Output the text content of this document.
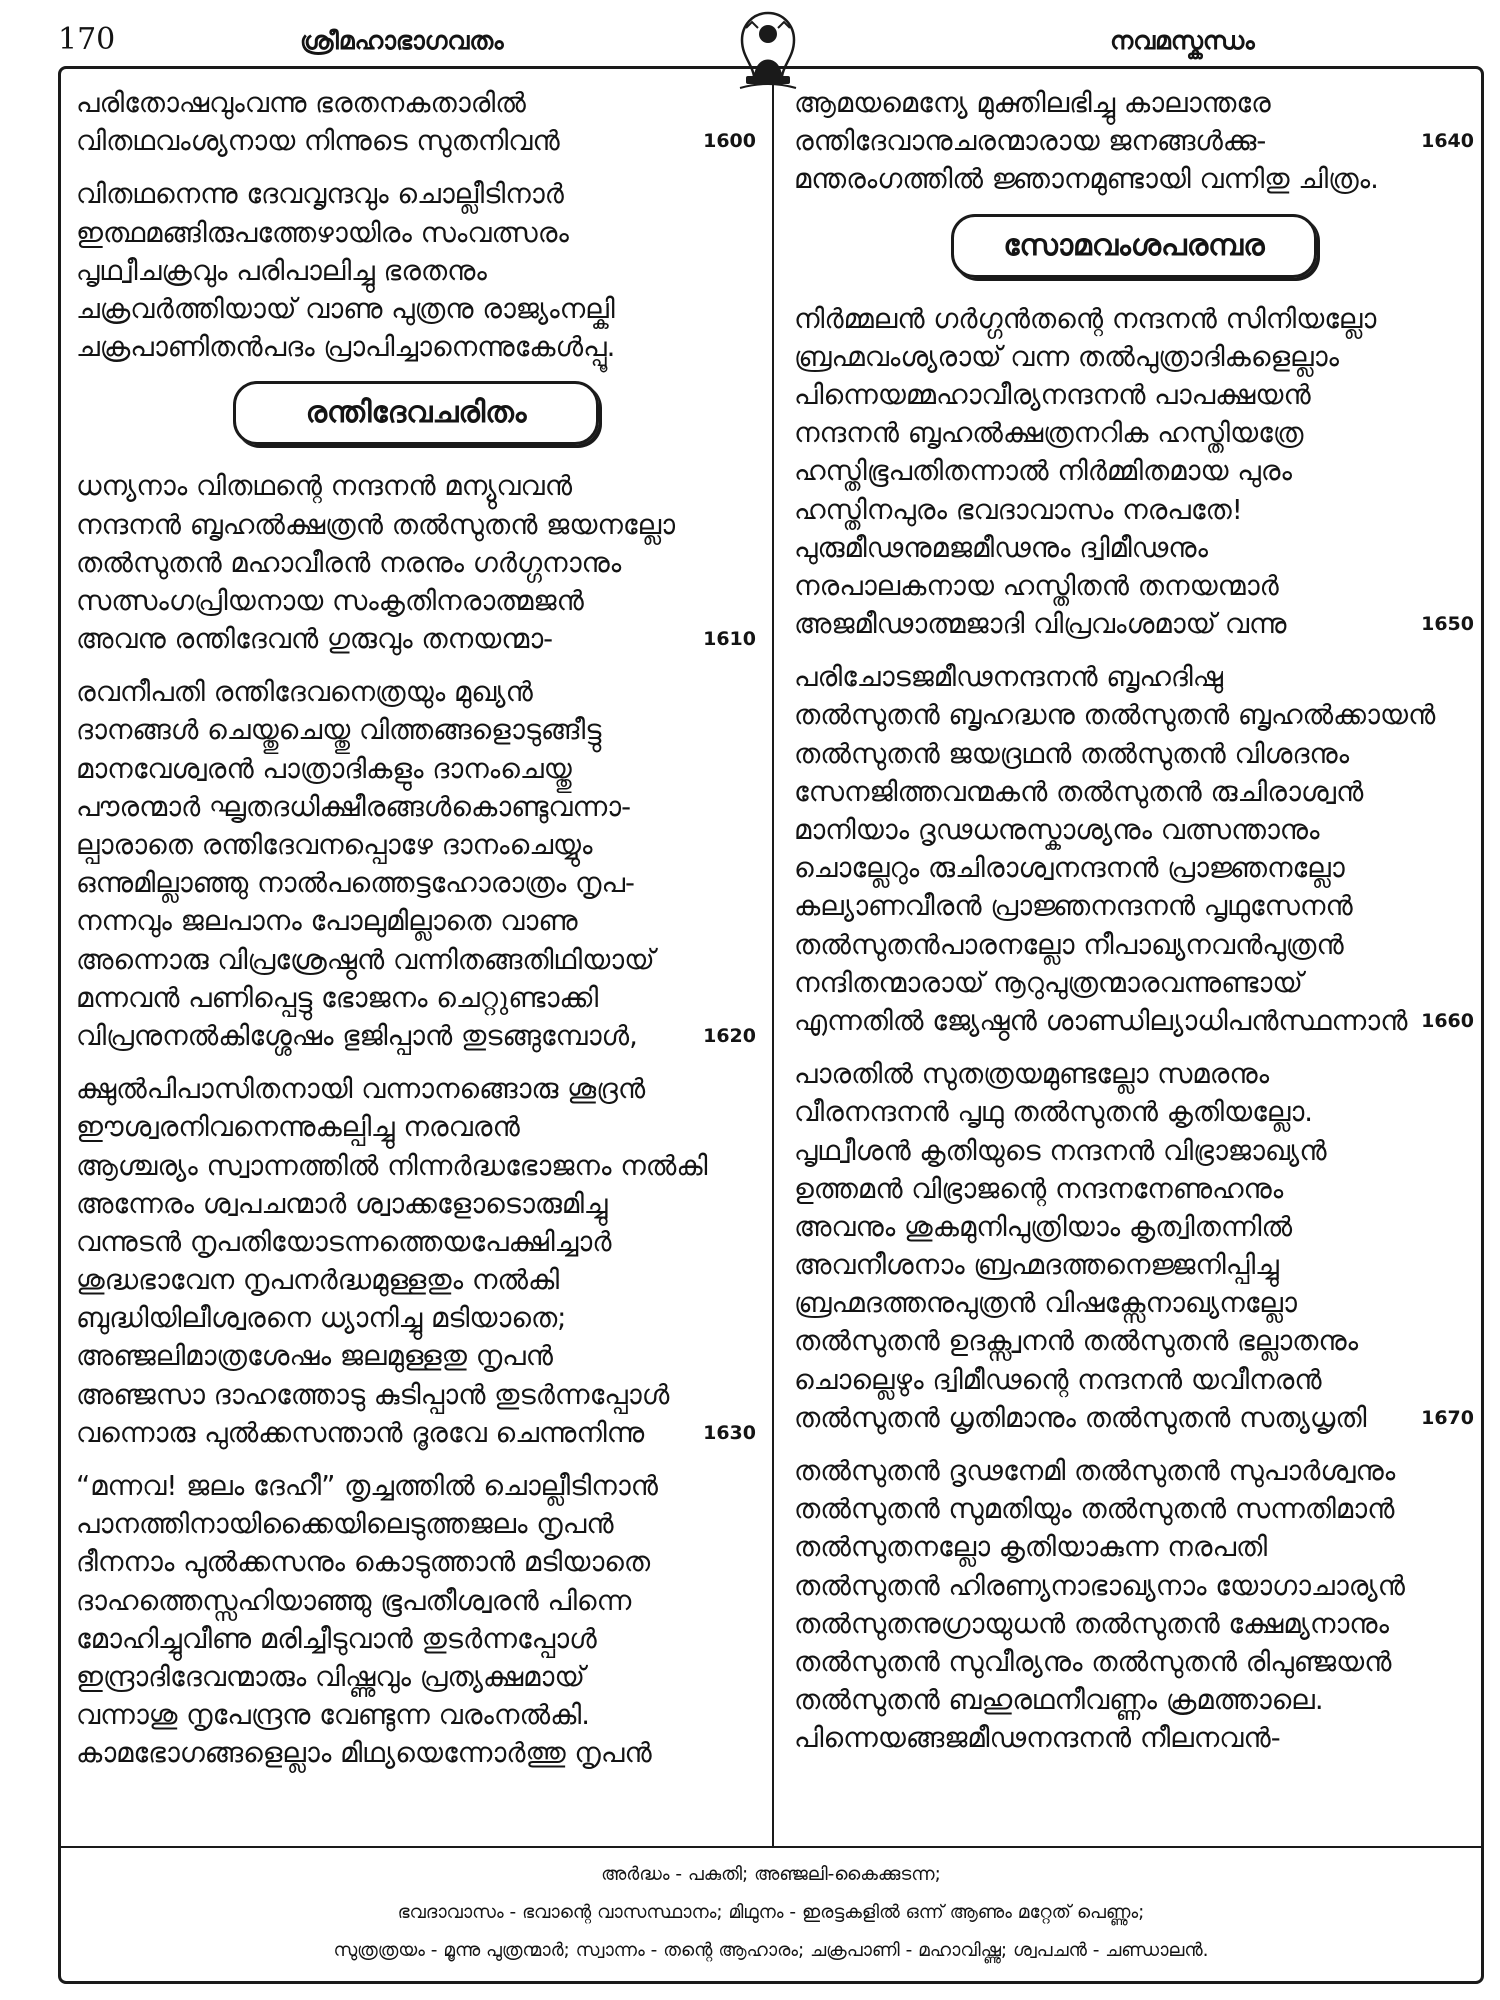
170	ശ്രീമഹാഭാഗവതം	നവമസ്കന്ധം
പരിതോഷവുംവന്നു ഭരതനകതാരിൽ
വിതഥവംശ്യനായ നിന്നുടെ സുതനിവൻ	1600
വിതഥനെന്നു ദേവവൃന്ദവും ചൊല്ലീടിനാർ
ഇത്ഥമങ്ങിരുപത്തേഴായിരം സംവത്സരം
പൃഥ്വീചക്രവും പരിപാലിച്ചു ഭരതനും
ചക്രവർത്തിയായ് വാണു പുത്രനു രാജ്യംനല്കി
ചക്രപാണിതൻപദം പ്രാപിച്ചാനെന്നുകേൾപ്പൂ.
രന്തിദേവചരിതം
ധന്യനാം വിതഥന്റെ നന്ദനൻ മന്യുവവൻ
നന്ദനൻ ബൃഹൽക്ഷത്രൻ തൽസുതൻ ജയനല്ലോ
തൽസുതൻ മഹാവീരൻ നരനും ഗർഗ്ഗനാനും
സത്സംഗപ്രിയനായ സംകൃതിനരാത്മജൻ
അവനു രന്തിദേവൻ ഗുരുവും തനയന്മാ-	1610
രവനീപതി രന്തിദേവനെത്രയും മുഖ്യൻ
ദാനങ്ങൾ ചെയ്തുചെയ്തു വിത്തങ്ങളൊടുങ്ങീട്ടു
മാനവേശ്വരൻ പാത്രാദികളും ദാനംചെയ്തു
പൗരന്മാർ ഘൃതദധിക്ഷീരങ്ങൾകൊണ്ടുവന്നാ-
ല്പാരാതെ രന്തിദേവനപ്പൊഴേ ദാനംചെയ്യും
ഒന്നുമില്ലാഞ്ഞു നാൽപത്തെട്ടഹോരാത്രം നൃപ-
നന്നവും ജലപാനം പോലുമില്ലാതെ വാണു
അന്നൊരു വിപ്രശ്രേഷ്ഠൻ വന്നിതങ്ങതിഥിയായ്
മന്നവൻ പണിപ്പെട്ടു ഭോജനം ചെറ്റുണ്ടാക്കി
വിപ്രനുനൽകിശ്ശേഷം ഭുജിപ്പാൻ തുടങ്ങുമ്പോൾ,	1620
ക്ഷുൽപിപാസിതനായി വന്നാനങ്ങൊരു ശൂദ്രൻ
ഈശ്വരനിവനെന്നുകല്പിച്ചു നരവരൻ
ആശ്ചര്യം സ്വാന്നത്തിൽ നിന്നർദ്ധഭോജനം നൽകി
അന്നേരം ശ്വപചന്മാർ ശ്വാക്കളോടൊരുമിച്ചു
വന്നുടൻ നൃപതിയോടന്നത്തെയപേക്ഷിച്ചാർ
ശുദ്ധഭാവേന നൃപനർദ്ധമുള്ളതും നൽകി
ബുദ്ധിയിലീശ്വരനെ ധ്യാനിച്ചു മടിയാതെ;
അഞ്ജലിമാത്രശേഷം ജലമുള്ളതു നൃപൻ
അഞ്ജസാ ദാഹത്തോടു കുടിപ്പാൻ തുടർന്നപ്പോൾ
വന്നൊരു പുൽക്കസന്താൻ ദൂരവേ ചെന്നുനിന്നു	1630
“മന്നവ! ജലം ദേഹീ” തൃച്ചത്തിൽ ചൊല്ലീടിനാൻ
പാനത്തിനായിക്കൈയിലെടുത്തജലം നൃപൻ
ദീനനാം പുൽക്കസനും കൊടുത്താൻ മടിയാതെ
ദാഹത്തെസ്സഹിയാഞ്ഞു ഭൂപതീശ്വരൻ പിന്നെ
മോഹിച്ചുവീണു മരിച്ചീടുവാൻ തുടർന്നപ്പോൾ
ഇന്ദ്രാദിദേവന്മാരും വിഷ്ണുവും പ്രത്യക്ഷമായ്
വന്നാശു നൃപേന്ദ്രനു വേണ്ടുന്ന വരംനൽകി.
കാമഭോഗങ്ങളെല്ലാം മിഥ്യയെന്നോർത്തു നൃപൻ
ആമയമെന്യേ മുക്തിലഭിച്ചു കാലാന്തരേ
രന്തിദേവാനുചരന്മാരായ ജനങ്ങൾക്കു-	1640
മന്തരംഗത്തിൽ ജ്ഞാനമുണ്ടായി വന്നിതു ചിത്രം.
സോമവംശപരമ്പര
നിർമ്മലൻ ഗർഗ്ഗൻതന്റെ നന്ദനൻ സിനിയല്ലോ
ബ്രഹ്മവംശ്യരായ് വന്ന തൽപുത്രാദികളെല്ലാം
പിന്നെയമ്മഹാവീര്യനന്ദനൻ പാപക്ഷയൻ
നന്ദനൻ ബൃഹൽക്ഷത്രനറിക ഹസ്തിയത്രേ
ഹസ്തിഭൂപതിതന്നാൽ നിർമ്മിതമായ പുരം
ഹസ്തിനപുരം ഭവദാവാസം നരപതേ!
പുരുമീഢനുമജമീഢനും ദ്വിമീഢനും
നരപാലകനായ ഹസ്തിതൻ തനയന്മാർ
അജമീഢാത്മജാദി വിപ്രവംശമായ് വന്നു	1650
പരിചോടജമീഢനന്ദനൻ ബൃഹദിഷു
തൽസുതൻ ബൃഹദ്ധനു തൽസുതൻ ബൃഹൽക്കായൻ
തൽസുതൻ ജയദ്രഥൻ തൽസുതൻ വിശദനും
സേനജിത്തവന്മകൻ തൽസുതൻ രുചിരാശ്വൻ
മാനിയാം ദൃഢധനുസ്കാശ്യനും വത്സന്താനും
ചൊല്ലേറും രുചിരാശ്വനന്ദനൻ പ്രാജ്ഞനല്ലോ
കല്യാണവീരൻ പ്രാജ്ഞനന്ദനൻ പൃഥുസേനൻ
തൽസുതൻപാരനല്ലോ നീപാഖ്യനവൻപുത്രൻ
നന്ദിതന്മാരായ് നൂറുപുത്രന്മാരവന്നുണ്ടായ്
എന്നതിൽ ജ്യേഷ്ഠൻ ശാണ്ഡില്യാധിപൻസ്ഥന്നാൻ 1660
പാരതിൽ സുതത്രയമുണ്ടല്ലോ സമരനും
വീരനന്ദനൻ പൃഥു തൽസുതൻ കൃതിയല്ലോ.
പൃഥ്വീശൻ കൃതിയുടെ നന്ദനൻ വിഭ്രാജാഖ്യൻ
ഉത്തമൻ വിഭ്രാജന്റെ നന്ദനനേണുഹനും
അവനും ശുകമുനിപുത്രിയാം കൃത്വിതന്നിൽ
അവനീശനാം ബ്രഹ്മദത്തനെജ്ജനിപ്പിച്ചു
ബ്രഹ്മദത്തനുപുത്രൻ വിഷക്സേനാഖ്യനല്ലോ
തൽസുതൻ ഉദക്സ്വനൻ തൽസുതൻ ഭല്ലാതനും
ചൊല്ലെഴും ദ്വിമീഢന്റെ നന്ദനൻ യവീനരൻ
തൽസുതൻ ധൃതിമാനും തൽസുതൻ സത്യധൃതി	1670
തൽസുതൻ ദൃഢനേമി തൽസുതൻ സുപാർശ്വനും
തൽസുതൻ സുമതിയും തൽസുതൻ സന്നതിമാൻ
തൽസുതനല്ലോ കൃതിയാകുന്ന നരപതി
തൽസുതൻ ഹിരണ്യനാഭാഖ്യനാം യോഗാചാര്യൻ
തൽസുതനുഗ്രായുധൻ തൽസുതൻ ക്ഷേമ്യനാനും
തൽസുതൻ സുവീര്യനും തൽസുതൻ രിപുഞ്ജയൻ
തൽസുതൻ ബഹുരഥനീവണ്ണം ക്രമത്താലെ.
പിന്നെയങ്ങജമീഢനന്ദനൻ നീലനവൻ-
അർദ്ധം - പകുതി; അഞ്ജലി-കൈക്കുടന്ന;
ഭവദാവാസം - ഭവാന്റെ വാസസ്ഥാനം; മിഥുനം - ഇരട്ടകളിൽ ഒന്ന് ആണും മറ്റേത് പെണ്ണും;
സുത്രത്രയം - മൂന്നു പുത്രന്മാർ; സ്വാന്നം - തന്റെ ആഹാരം; ചക്രപാണി - മഹാവിഷ്ണു; ശ്വപചൻ - ചണ്ഡാലൻ.
